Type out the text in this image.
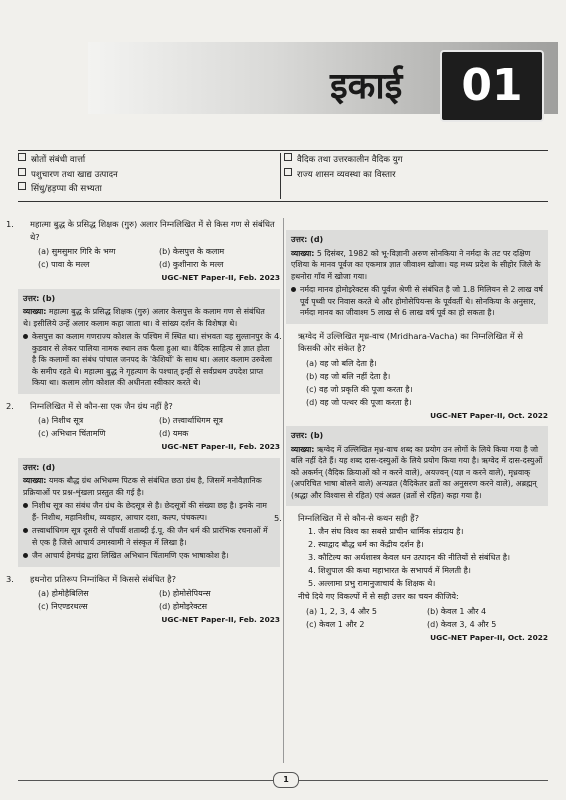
इकाई	01
स्रोतों संबंधी वार्त्ता
पशुचारण तथा खाद्य उत्पादन
सिंधु/हड़प्पा की सभ्यता
वैदिक तथा उत्तरकालीन वैदिक युग
राज्य शासन व्यवस्था का विस्तार
1. महात्मा बुद्ध के प्रसिद्ध शिक्षक (गुरु) अलार निम्नलिखित में से किस गण से संबंधित थे?
(a) सुमसुमार गिरि के भग्ग	(b) केसपुत्त के कलाम
(c) पावा के मल्ल	(d) कुशीनारा के मल्ल
UGC-NET Paper-II, Feb. 2023
उत्तर: (b)
व्याख्या: महात्मा बुद्ध के प्रसिद्ध शिक्षक (गुरु) अलार केसपुत्त के कलाम गण से संबंधित थे। इसीलिये उन्हें अलार कलाम कहा जाता था। वे सांख्य दर्शन के विशेषज्ञ थे।
केसपुत्त का कलाम गणराज्य कोशल के पश्चिम में स्थित था। संभवतः यह सुल्तानपुर के कुडवार से लेकर पालिया नामक स्थान तक फैला हुआ था। वैदिक साहित्य से ज्ञात होता है कि कलामों का संबंध पांचाल जनपद के 'केशियों' के साथ था। अलार कलाम उरुवेला के समीप रहते थे। महात्मा बुद्ध ने गृहत्याग के पश्चात् इन्हीं से सर्वप्रथम उपदेश प्राप्त किया था। कलाम लोग कोशल की अधीनता स्वीकार करते थे।
2. निम्नलिखित में से कौन-सा एक जैन ग्रंथ नहीं है?
(a) निशीथ सूत्र	(b) तत्त्वार्थाधिगम सूत्र
(c) अभिधान चिंतामणि	(d) यमक
UGC-NET Paper-II, Feb. 2023
उत्तर: (d)
व्याख्या: यमक बौद्ध ग्रंथ अभिधम्म पिटक से संबंधित छठा ग्रंथ है, जिसमें मनोवैज्ञानिक प्रक्रियाओं पर प्रश्न-शृंखला प्रस्तुत की गई है।
निशीथ सूत्र का संबंध जैन ग्रंथ के छेदसूत्र से है। छेदसूत्रों की संख्या छह है। इनके नाम हैं- निशीथ, महानिशीथ, व्यवहार, आचार दशा, कल्प, पंचकल्प।
तत्त्वार्थाधिगम सूत्र दूसरी से पाँचवीं शताब्दी ई.पू. की जैन धर्म की प्रारंभिक रचनाओं में से एक है जिसे आचार्य उमास्वामी ने संस्कृत में लिखा है।
जैन आचार्य हेमचंद्र द्वारा लिखित अभिधान चिंतामणि एक भाषाकोश है।
3. हथनोरा प्रतिरूप निम्नांकित में किससे संबंधित है?
(a) होमोहैबिलिस	(b) होमोसेपियन्स
(c) निएण्डरथल्स	(d) होमोइरेक्टस
UGC-NET Paper-II, Feb. 2023
उत्तर: (d)
व्याख्या: 5 दिसंबर, 1982 को भू-विज्ञानी अरुण सोनकिया ने नर्मदा के तट पर दक्षिण एशिया के मानव पूर्वज का एकमात्र ज्ञात जीवाश्म खोजा। यह मध्य प्रदेश के सीहोर जिले के हथनोरा गाँव में खोजा गया।
नर्मदा मानव होमोइरेक्टस की पूर्वज श्रेणी से संबंधित है जो 1.8 मिलियन से 2 लाख वर्ष पूर्व पृथ्वी पर निवास करते थे और होमोसेपियन्स के पूर्ववर्ती थे। सोनकिया के अनुसार, नर्मदा मानव का जीवाश्म 5 लाख से 6 लाख वर्ष पूर्व का हो सकता है।
4. ऋग्वेद में उल्लिखित मृध्र-वाच (Mridhara-Vacha) का निम्नलिखित में से किसकी ओर संकेत है?
(a) वह जो बलि देता है।
(b) वह जो बलि नहीं देता है।
(c) वह जो प्रकृति की पूजा करता है।
(d) वह जो पत्थर की पूजा करता है।
UGC-NET Paper-II, Oct. 2022
उत्तर: (b)
व्याख्या: ऋग्वेद में उल्लिखित मृध्र-वाच शब्द का प्रयोग उन लोगों के लिये किया गया है जो बलि नहीं देते हैं। यह शब्द दास-दस्युओं के लिये प्रयोग किया गया है। ऋग्वेद में दास-दस्युओं को अकर्मन् (वैदिक क्रियाओं को न करने वाले), अयज्वन् (यज्ञ न करने वाले), मृध्रवाक् (अपरिचित भाषा बोलने वाले) अन्यव्रत (वैदिकेतर व्रतों का अनुसरण करने वाले), अब्रह्मन् (श्रद्धा और विश्वास से रहित) एवं अव्रत (व्रतों से रहित) कहा गया है।
5. निम्नलिखित में से कौन-से कथन सही हैं?
1. जैन संघ विश्व का सबसे प्राचीन धार्मिक संप्रदाय है।
2. स्याद्वाद बौद्ध धर्म का केंद्रीय दर्शन है।
3. कौटिल्य का अर्थशास्त्र केवल धन उत्पादन की नीतियों से संबंधित है।
4. शिशुपाल की कथा महाभारत के सभापर्व में मिलती है।
5. अल्लामा प्रभु रामानुजाचार्य के शिक्षक थे।
नीचे दिये गए विकल्पों में से सही उत्तर का चयन कीजिये:
(a) 1, 2, 3, 4 और 5	(b) केवल 1 और 4
(c) केवल 1 और 2	(d) केवल 3, 4 और 5
UGC-NET Paper-II, Oct. 2022
1
